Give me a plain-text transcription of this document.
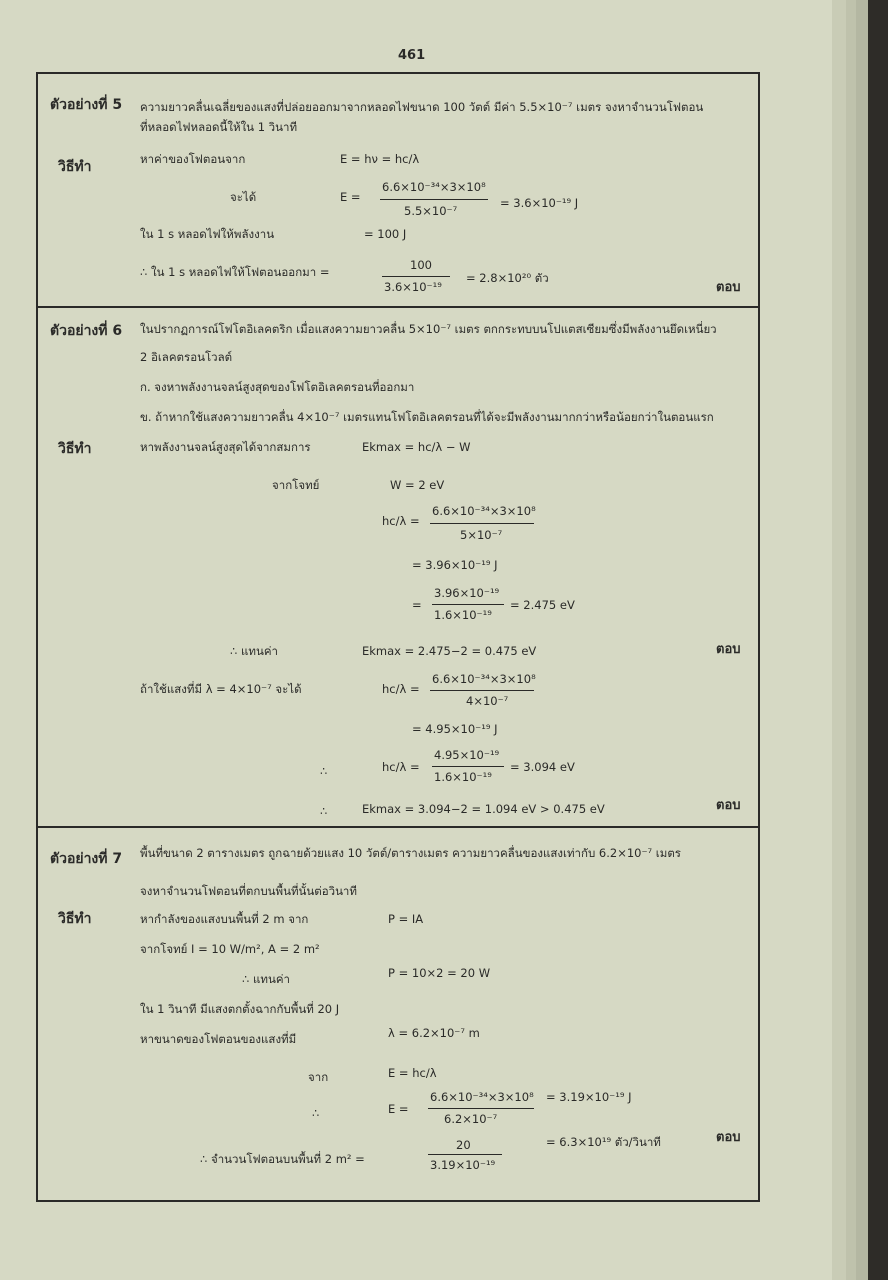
461
ตัวอย่างที่ 5 ความยาวคลื่นเฉลี่ยของแสงที่ปล่อยออกมาจากหลอดไฟขนาด 100 วัตต์ มีค่า 5.5×10⁻⁷ เมตร จงหาจำนวนโฟตอน
ที่หลอดไฟหลอดนี้ให้ใน 1 วินาที
วิธีทำ	หาค่าของโฟตอนจาก	E = hν = hc/λ
จะได้	E =
6.6×10⁻³⁴×3×10⁸
5.5×10⁻⁷
= 3.6×10⁻¹⁹ J
ใน 1 s หลอดไฟให้พลังงาน	= 100 J
∴ ใน 1 s หลอดไฟให้โฟตอนออกมา =	100
3.6×10⁻¹⁹
= 2.8×10²⁰ ตัว
ตอบ
ตัวอย่างที่ 6 ในปรากฏการณ์โฟโตอิเลคตริก เมื่อแสงความยาวคลื่น 5×10⁻⁷ เมตร ตกกระทบบนโปแตสเซียมซึ่งมีพลังงานยึดเหนี่ยว
2 อิเลคตรอนโวลต์
ก. จงหาพลังงานจลน์สูงสุดของโฟโตอิเลคตรอนที่ออกมา
ข. ถ้าหากใช้แสงความยาวคลื่น 4×10⁻⁷ เมตรแทนโฟโตอิเลคตรอนที่ได้จะมีพลังงานมากกว่าหรือน้อยกว่าในตอนแรก
วิธีทำ	หาพลังงานจลน์สูงสุดได้จากสมการ	Ekmax = hc/λ − W
จากโจทย์	W = 2 eV
hc/λ =
6.6×10⁻³⁴×3×10⁸
5×10⁻⁷
= 3.96×10⁻¹⁹ J
=
3.96×10⁻¹⁹
1.6×10⁻¹⁹
= 2.475 eV
∴ แทนค่า	Ekmax = 2.475−2 = 0.475 eV	ตอบ
ถ้าใช้แสงที่มี λ = 4×10⁻⁷ จะได้	hc/λ =
6.6×10⁻³⁴×3×10⁸
4×10⁻⁷
= 4.95×10⁻¹⁹ J
∴	hc/λ =
4.95×10⁻¹⁹
1.6×10⁻¹⁹
= 3.094 eV
∴	Ekmax = 3.094−2 = 1.094 eV > 0.475 eV	ตอบ
ตัวอย่างที่ 7 พื้นที่ขนาด 2 ตารางเมตร ถูกฉายด้วยแสง 10 วัตต์/ตารางเมตร ความยาวคลื่นของแสงเท่ากับ 6.2×10⁻⁷ เมตร
จงหาจำนวนโฟตอนที่ตกบนพื้นที่นั้นต่อวินาที
วิธีทำ	หากำลังของแสงบนพื้นที่ 2 m จาก	P = IA
จากโจทย์ I = 10 W/m², A = 2 m²
∴ แทนค่า	P = 10×2 = 20 W
ใน 1 วินาที มีแสงตกตั้งฉากกับพื้นที่ 20 J
หาขนาดของโฟตอนของแสงที่มี	λ = 6.2×10⁻⁷ m
จาก	E = hc/λ
∴	E =
6.6×10⁻³⁴×3×10⁸
6.2×10⁻⁷
= 3.19×10⁻¹⁹ J
∴ จำนวนโฟตอนบนพื้นที่ 2 m² =
20
3.19×10⁻¹⁹
= 6.3×10¹⁹ ตัว/วินาที	ตอบ
